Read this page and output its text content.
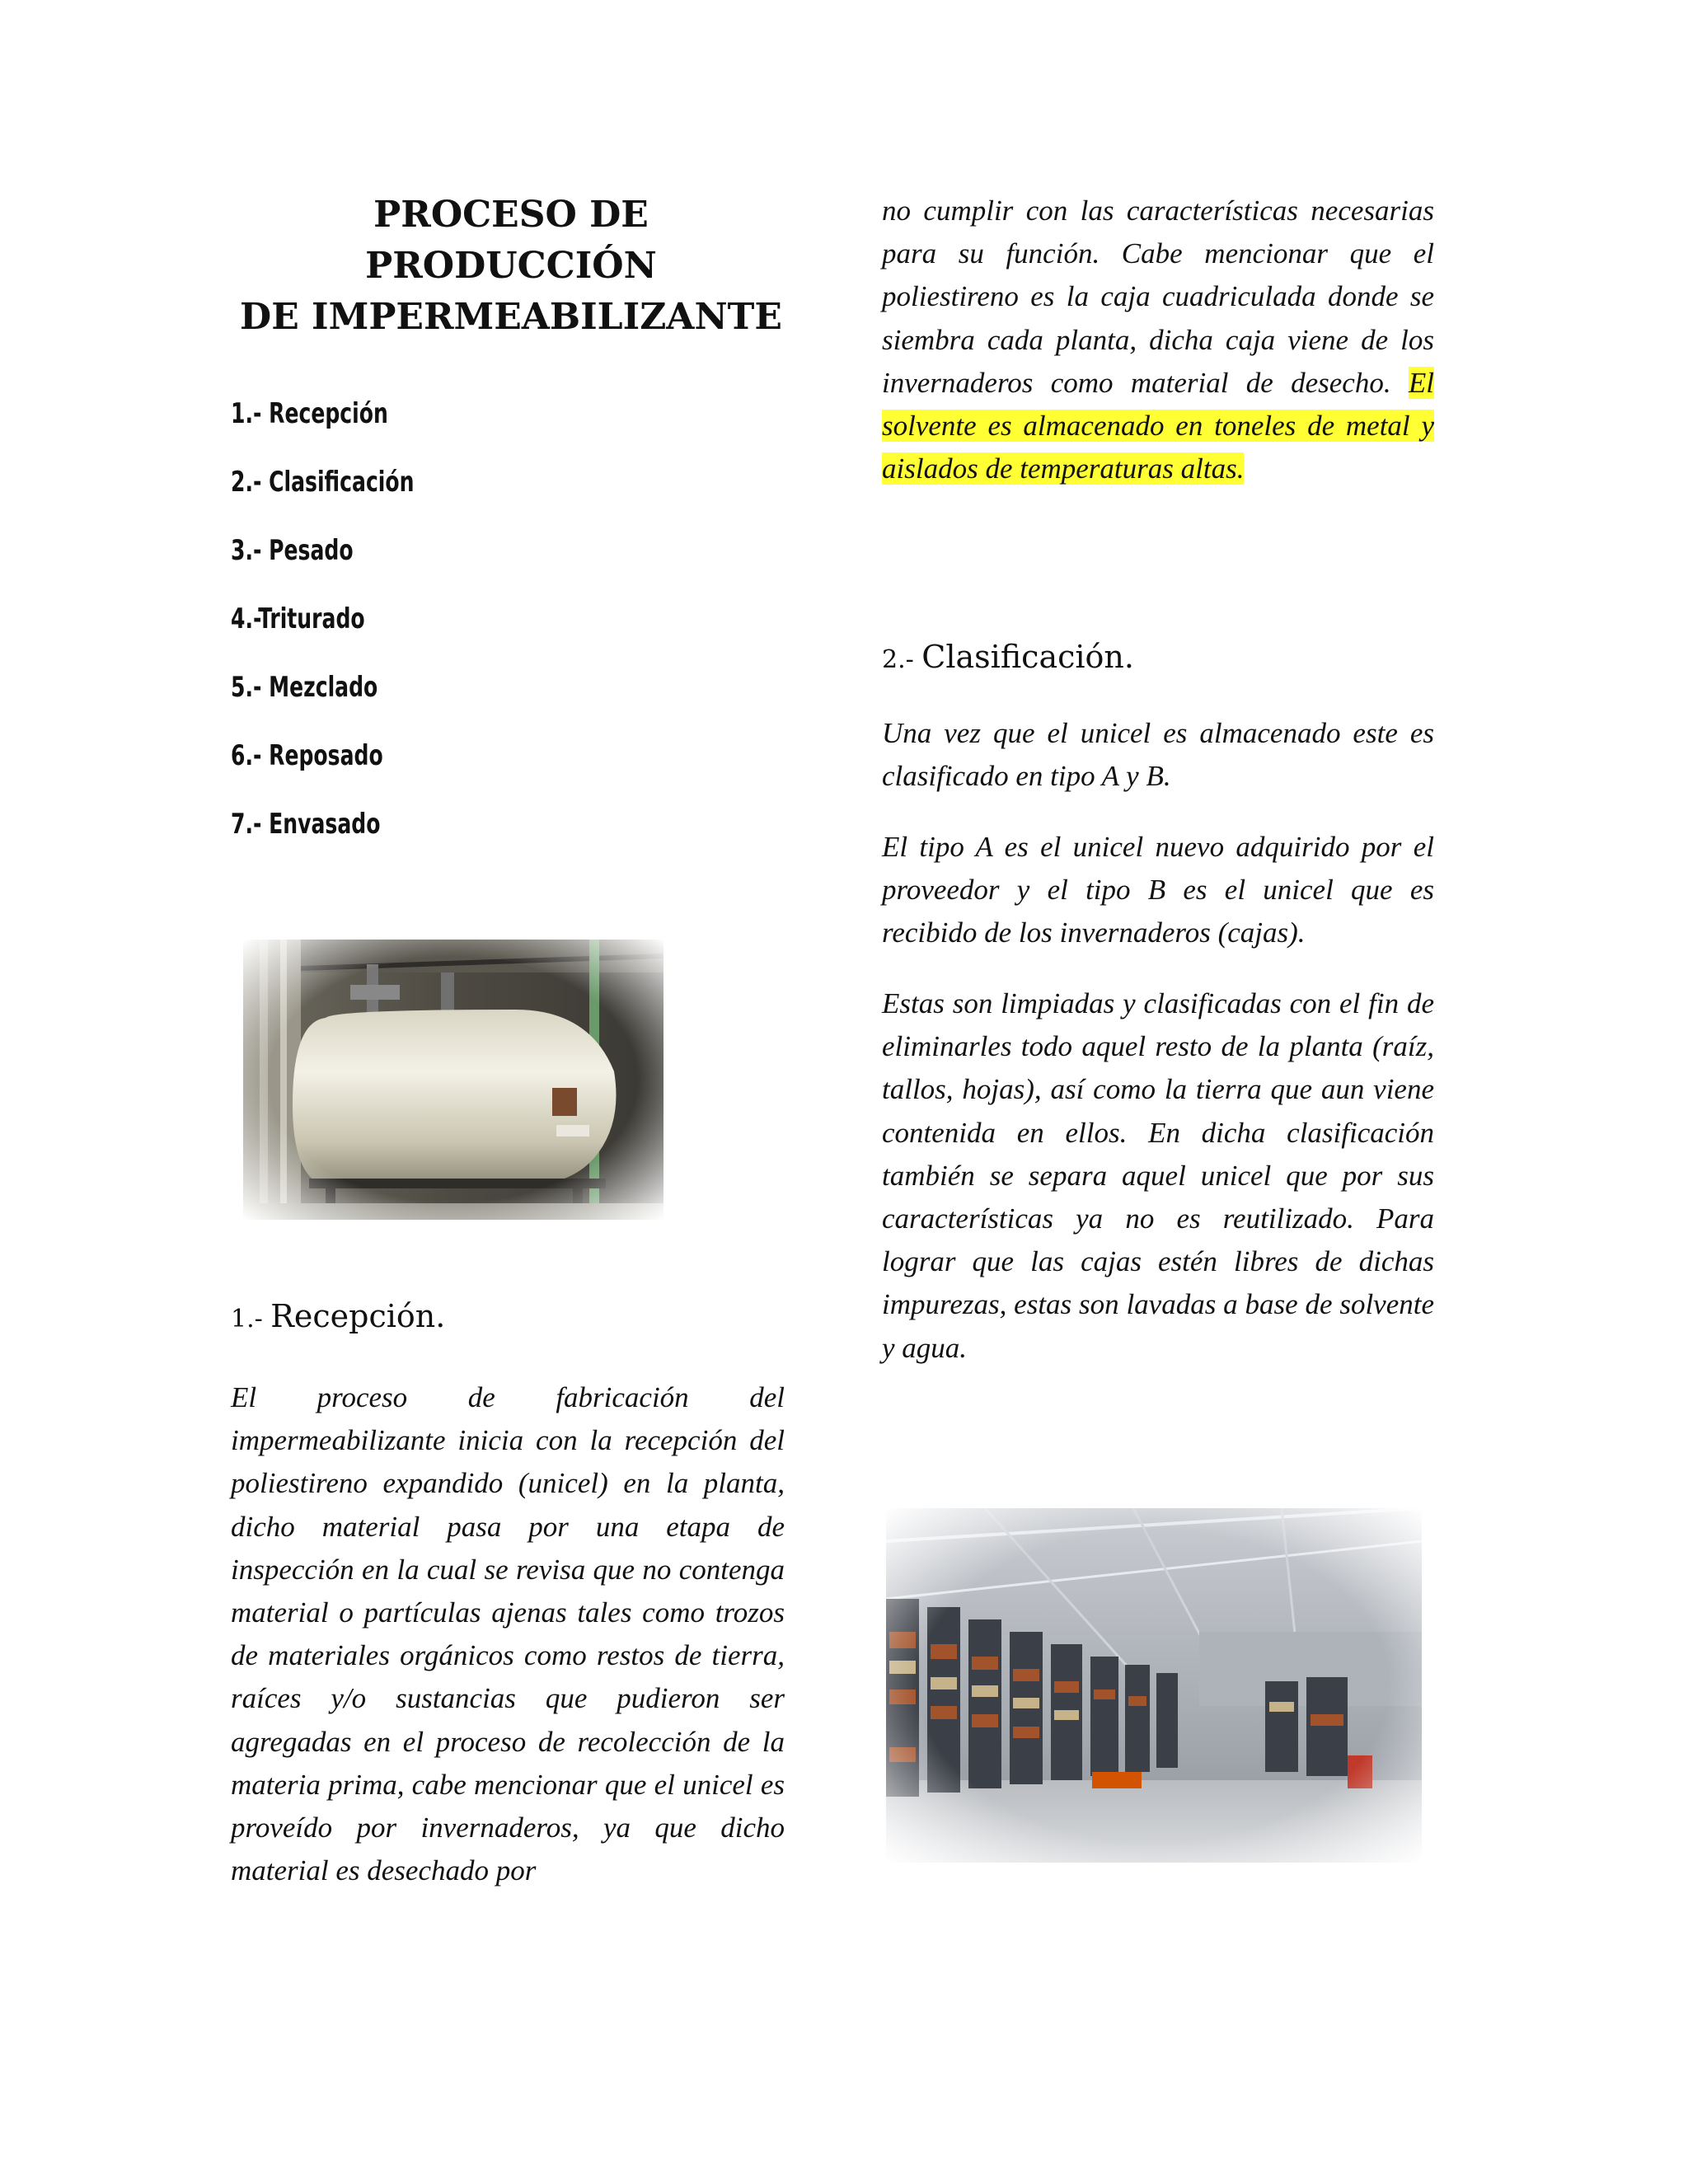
PROCESO DE PRODUCCIÓN
DE IMPERMEABILIZANTE
1.- Recepción
2.- Clasificación
3.- Pesado
4.-Triturado
5.- Mezclado
6.- Reposado
7.- Envasado
1.- Recepción.

El proceso de fabricación del impermeabilizante inicia con la recepción del poliestireno expandido (unicel) en la planta, dicho material pasa por una etapa de inspección en la cual se revisa que no contenga material o partículas ajenas tales como trozos de materiales orgánicos como restos de tierra, raíces y/o sustancias que pudieron ser agregadas en el proceso de recolección de la materia prima, cabe mencionar que el unicel es proveído por invernaderos, ya que dicho material es desechado por

no cumplir con las características necesarias para su función. Cabe mencionar que el poliestireno es la caja cuadriculada donde se siembra cada planta, dicha caja viene de los invernaderos como material de desecho. El solvente es almacenado en toneles de metal y aislados de temperaturas altas.

2.- Clasificación.

Una vez que el unicel es almacenado este es clasificado en tipo A y B.

El tipo A es el unicel nuevo adquirido por el proveedor y el tipo B es el unicel que es recibido de los invernaderos (cajas).

Estas son limpiadas y clasificadas con el fin de eliminarles todo aquel resto de la planta (raíz, tallos, hojas), así como la tierra que aun viene contenida en ellos. En dicha clasificación también se separa aquel unicel que por sus características ya no es reutilizado. Para lograr que las cajas estén libres de dichas impurezas, estas son lavadas a base de solvente y agua.
